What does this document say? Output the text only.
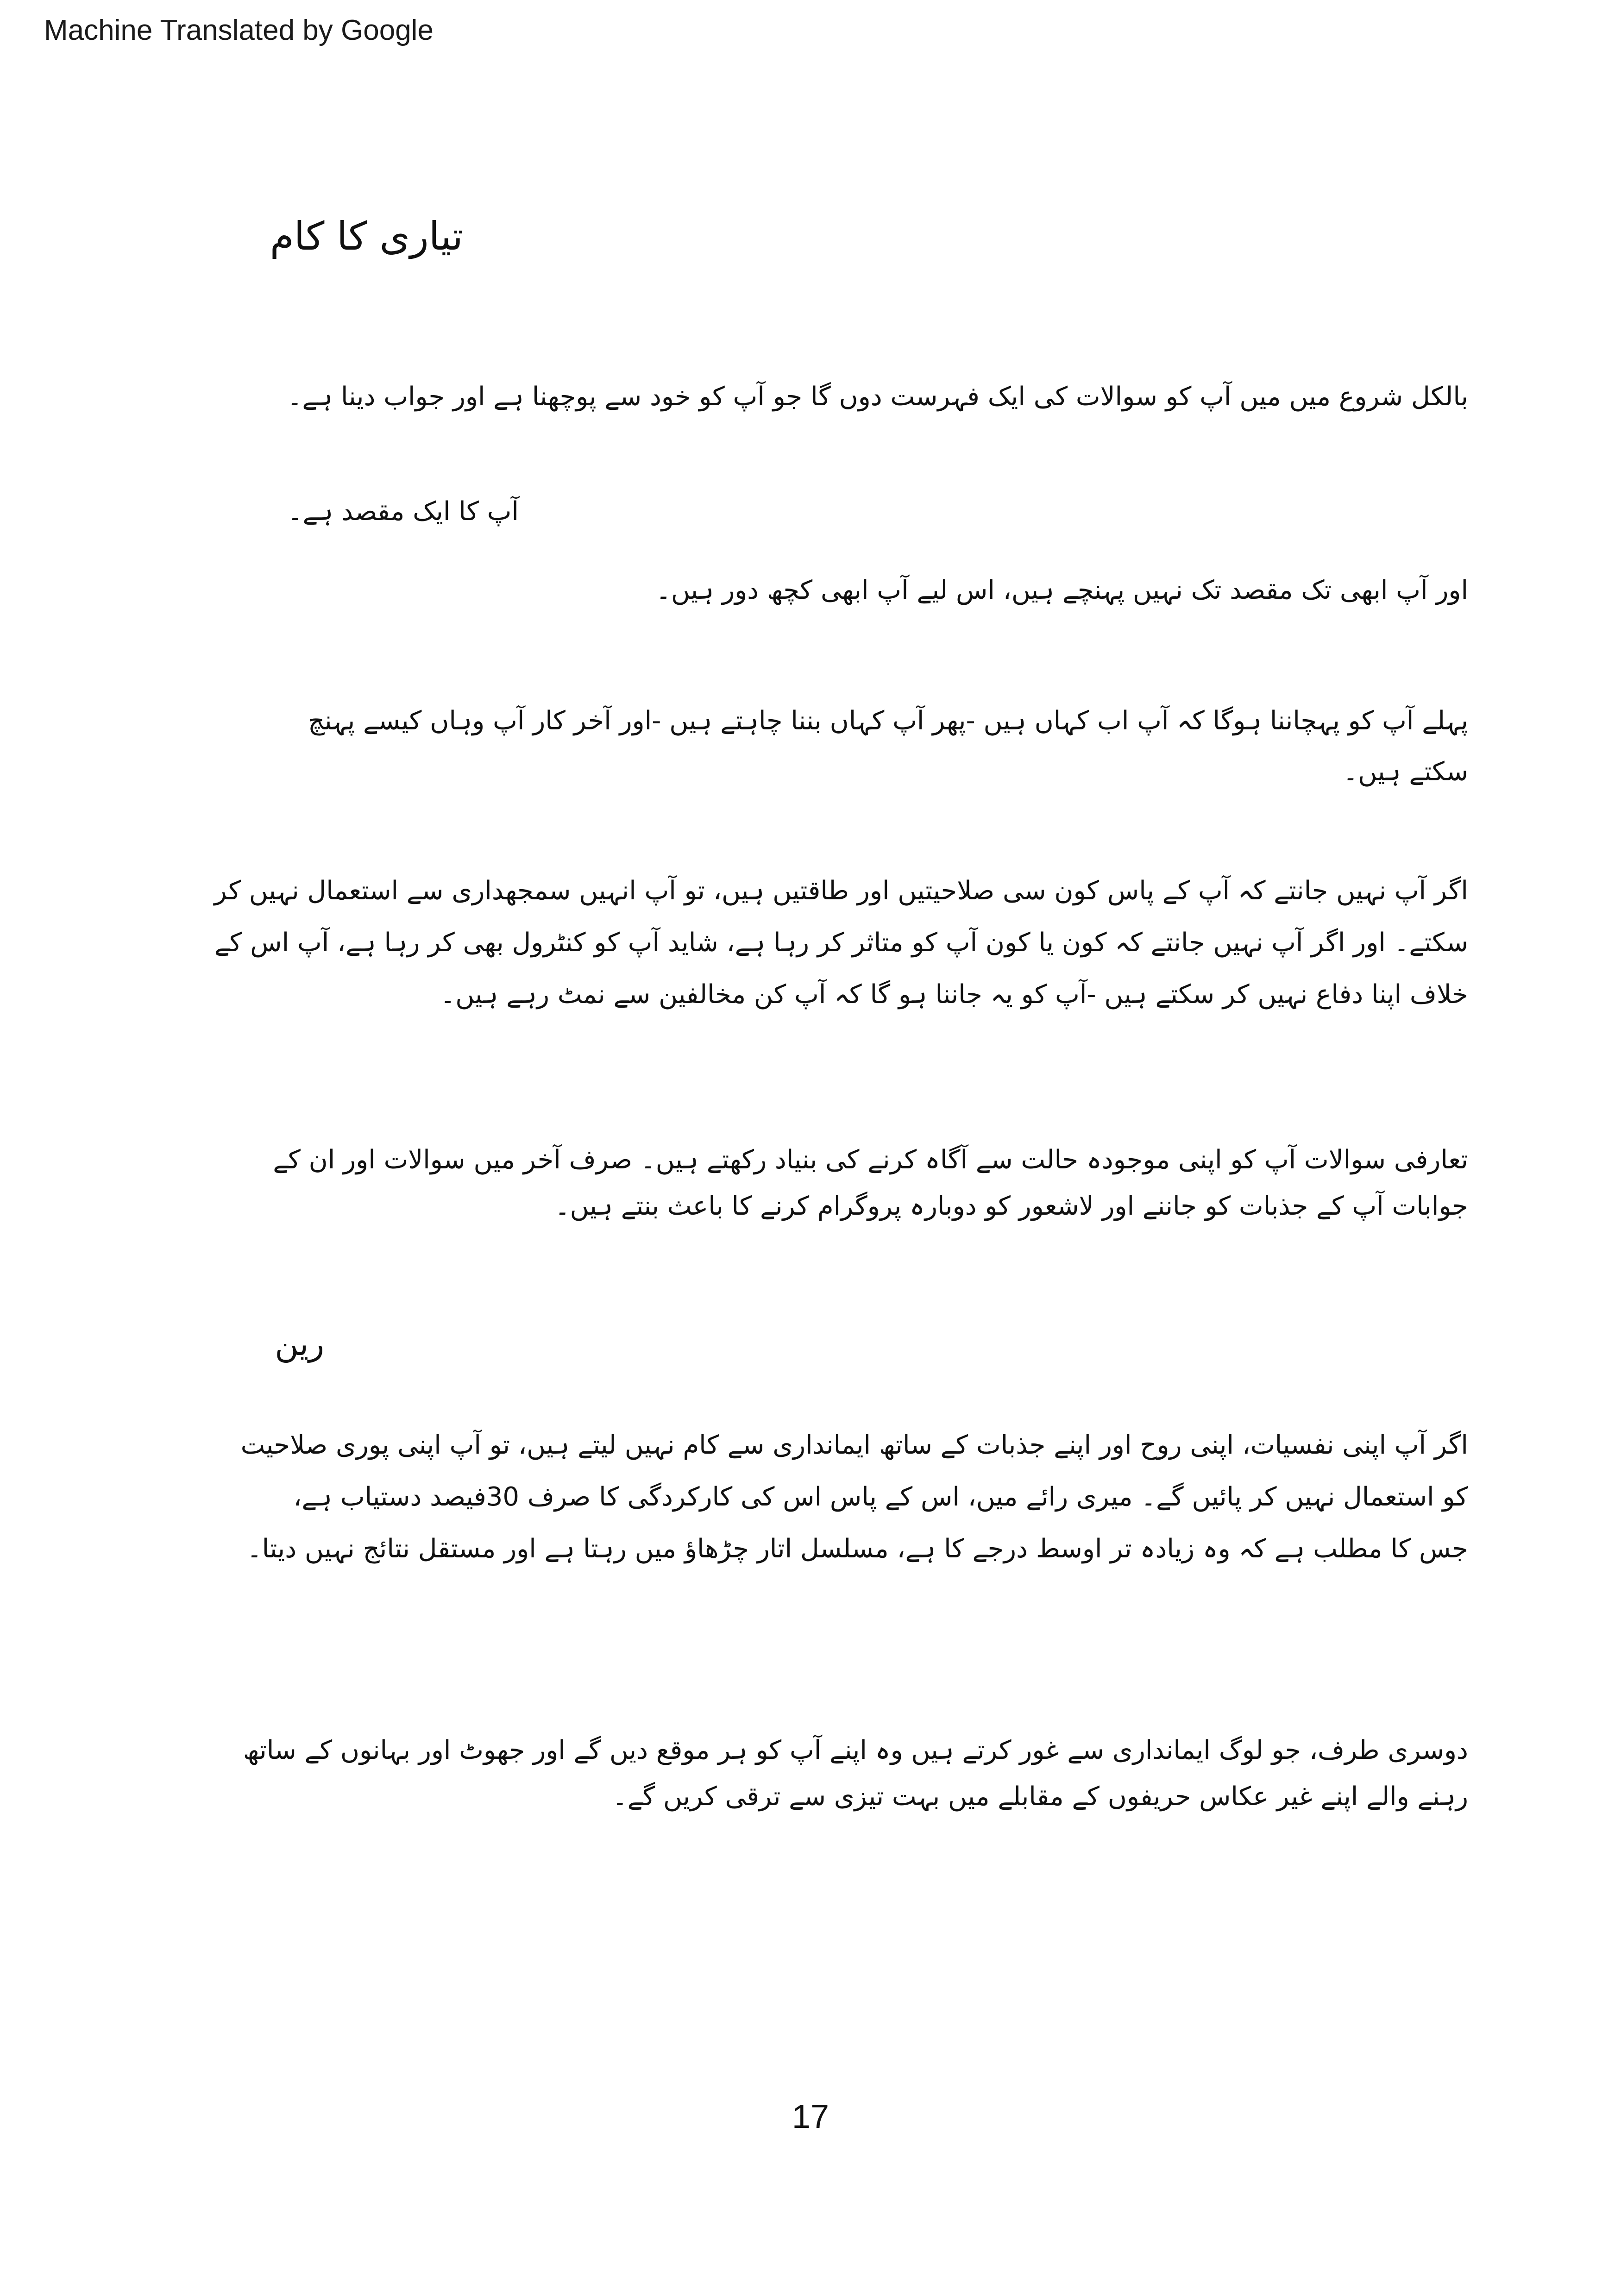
Machine Translated by Google
تیاری کا کام
بالکل شروع میں میں آپ کو سوالات کی ایک فہرست دوں گا جو آپ کو خود سے پوچھنا ہے اور جواب دینا ہے۔
آپ کا ایک مقصد ہے۔
اور آپ ابھی تک مقصد تک نہیں پہنچے ہیں، اس لیے آپ ابھی کچھ دور ہیں۔
پہلے آپ کو پہچاننا ہوگا کہ آپ اب کہاں ہیں -پھر آپ کہاں بننا چاہتے ہیں -اور آخر کار آپ وہاں کیسے پہنچ سکتے ہیں۔
اگر آپ نہیں جانتے کہ آپ کے پاس کون سی صلاحیتیں اور طاقتیں ہیں، تو آپ انہیں سمجھداری سے استعمال نہیں کر سکتے۔ اور اگر آپ نہیں جانتے کہ کون یا کون آپ کو متاثر کر رہا ہے، شاید آپ کو کنٹرول بھی کر رہا ہے، آپ اس کے خلاف اپنا دفاع نہیں کر سکتے ہیں -آپ کو یہ جاننا ہو گا کہ آپ کن مخالفین سے نمٹ رہے ہیں۔
تعارفی سوالات آپ کو اپنی موجودہ حالت سے آگاہ کرنے کی بنیاد رکھتے ہیں۔ صرف آخر میں سوالات اور ان کے جوابات آپ کے جذبات کو جاننے اور لاشعور کو دوبارہ پروگرام کرنے کا باعث بنتے ہیں۔
رین
اگر آپ اپنی نفسیات، اپنی روح اور اپنے جذبات کے ساتھ ایمانداری سے کام نہیں لیتے ہیں، تو آپ اپنی پوری صلاحیت کو استعمال نہیں کر پائیں گے۔ میری رائے میں، اس کے پاس اس کی کارکردگی کا صرف 30فیصد دستیاب ہے، جس کا مطلب ہے کہ وہ زیادہ تر اوسط درجے کا ہے، مسلسل اتار چڑھاؤ میں رہتا ہے اور مستقل نتائج نہیں دیتا۔
دوسری طرف، جو لوگ ایمانداری سے غور کرتے ہیں وہ اپنے آپ کو ہر موقع دیں گے اور جھوٹ اور بہانوں کے ساتھ رہنے والے اپنے غیر عکاس حریفوں کے مقابلے میں بہت تیزی سے ترقی کریں گے۔
17
